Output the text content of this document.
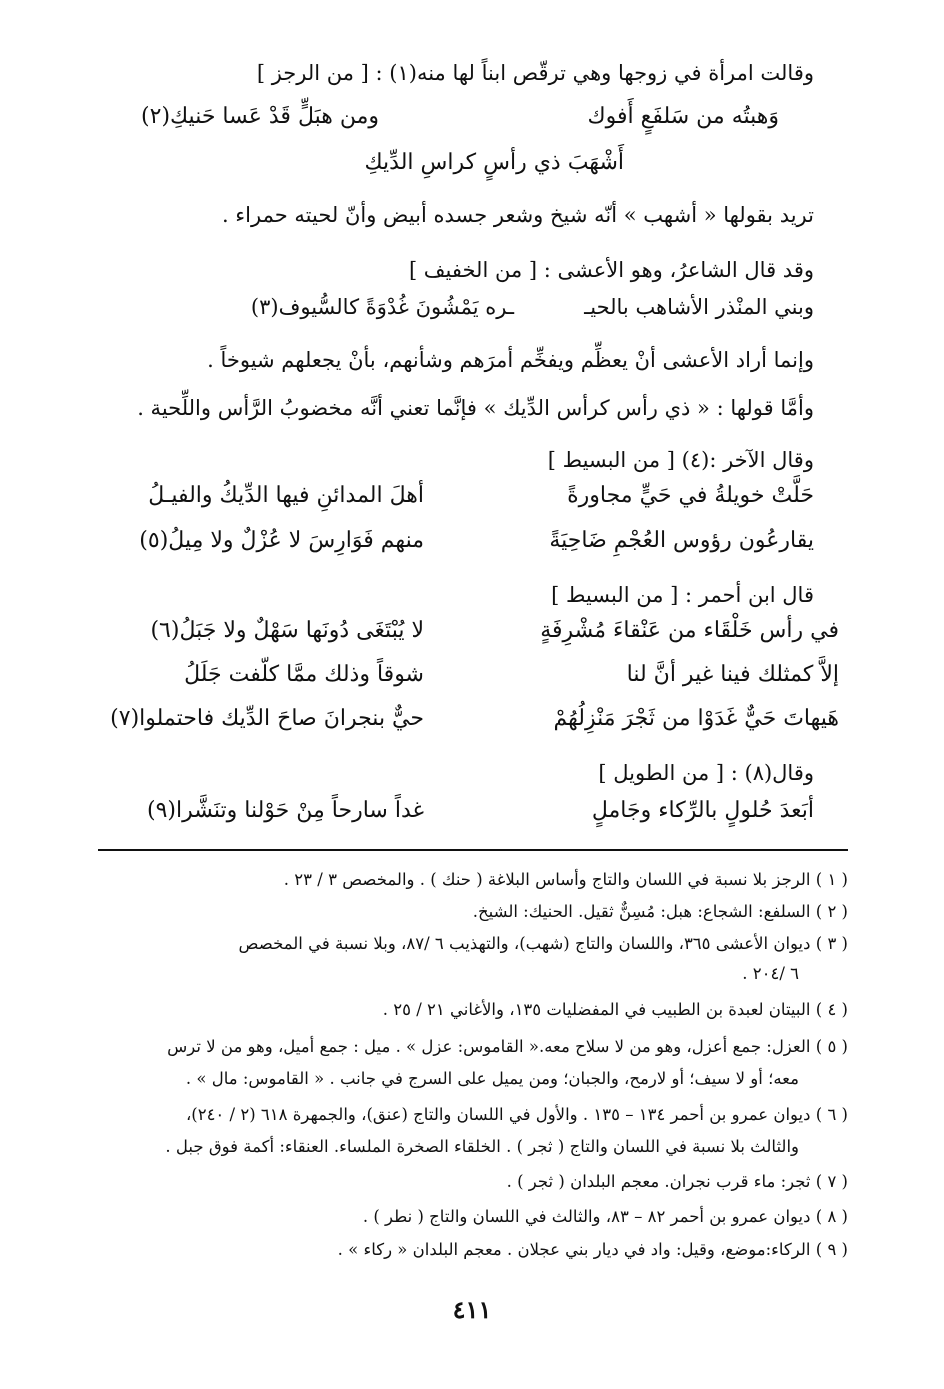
وقالت امرأة في زوجها وهي ترقّص ابناً لها منه(١) : [ من الرجز ]
وَهبتُه من سَلفَعٍ أَفوك
ومن هبَلٍّ قَدْ عَسا حَنيكِ(٢)
أَشْهَبَ ذي رأسٍ كراسِ الدِّيكِ
تريد بقولها « أشهب » أنّه شيخ وشعر جسده أبيض وأنّ لحيته حمراء .
وقد قال الشاعرُ، وهو الأعشى : [ من الخفيف ]
وبني المنْذر الأشاهب بالحيـ
ـره يَمْشُونَ غُدْوَةً كالسُّيوف(٣)
وإنما أراد الأعشى أنْ يعظِّم ويفخِّم أمرَهم وشأنهم، بأنْ يجعلهم شيوخاً .
وأمَّا قولها : « ذي رأس كرأس الدِّيك » فإنَّما تعني أنَّه مخضوبُ الرَّأس واللِّحية .
وقال الآخر :(٤) [ من البسيط ]
حَلَّتْ خويلةُ في حَيٍّ مجاورةً
أهلَ المدائنِ فيها الدِّيكُ والفيـلُ
يقارعُون رؤوس العُجْمِ ضَاحِيَةً
منهم فَوَارِسَ لا عُزْلٌ ولا مِيلُ(٥)
قال ابن أحمر : [ من البسيط ]
في رأس خَلْقَاء من عَنْقاءَ مُشْرِفَةٍ
لا يُبْتَغَى دُونَها سَهْلٌ ولا جَبَلُ(٦)
إلاَّ كمثلك فينا غير أنَّ لنا
شوقاً وذلك ممَّا كلّفت جَلَلُ
هَيهاتَ حَيٌّ غَدَوْا من ثَجْرَ مَنْزِلُهُمْ
حيٌّ بنجرانَ صاحَ الدِّيك فاحتملوا(٧)
وقال(٨) : [ من الطويل ]
أبَعدَ حُلولٍ بالرِّكاء وجَاملٍ
غداً سارحاً مِنْ حَوْلنا وتنَشَّرا(٩)
( ١ ) الرجز بلا نسبة في اللسان والتاج وأساس البلاغة ( حنك ) . والمخصص ٣ / ٢٣ .
( ٢ ) السلفع: الشجاع: هبل: مُسِنٌّ ثقيل. الحنيك: الشيخ.
( ٣ ) ديوان الأعشى ٣٦٥، واللسان والتاج (شهب)، والتهذيب ٦ /٨٧، وبلا نسبة في المخصص
٦ /٢٠٤ .
( ٤ ) البيتان لعبدة بن الطبيب في المفضليات ١٣٥، والأغاني ٢١ / ٢٥ .
( ٥ ) العزل: جمع أعزل، وهو من لا سلاح معه.« القاموس: عزل » . ميل : جمع أميل، وهو من لا ترس
معه؛ أو لا سيف؛ أو لارمح، والجبان؛ ومن يميل على السرج في جانب . « القاموس: مال » .
( ٦ ) ديوان عمرو بن أحمر ١٣٤ – ١٣٥ . والأول في اللسان والتاج (عنق)، والجمهرة ٦١٨ (٢ / ٢٤٠)،
والثالث بلا نسبة في اللسان والتاج ( ثجر ) . الخلقاء الصخرة الملساء. العنقاء: أكمة فوق جبل .
( ٧ ) ثجر: ماء قرب نجران. معجم البلدان ( ثجر ) .
( ٨ ) ديوان عمرو بن أحمر ٨٢ – ٨٣، والثالث في اللسان والتاج ( نطر ) .
( ٩ ) الركاء:موضع، وقيل: واد في ديار بني عجلان . معجم البلدان « ركاء » .
٤١١
